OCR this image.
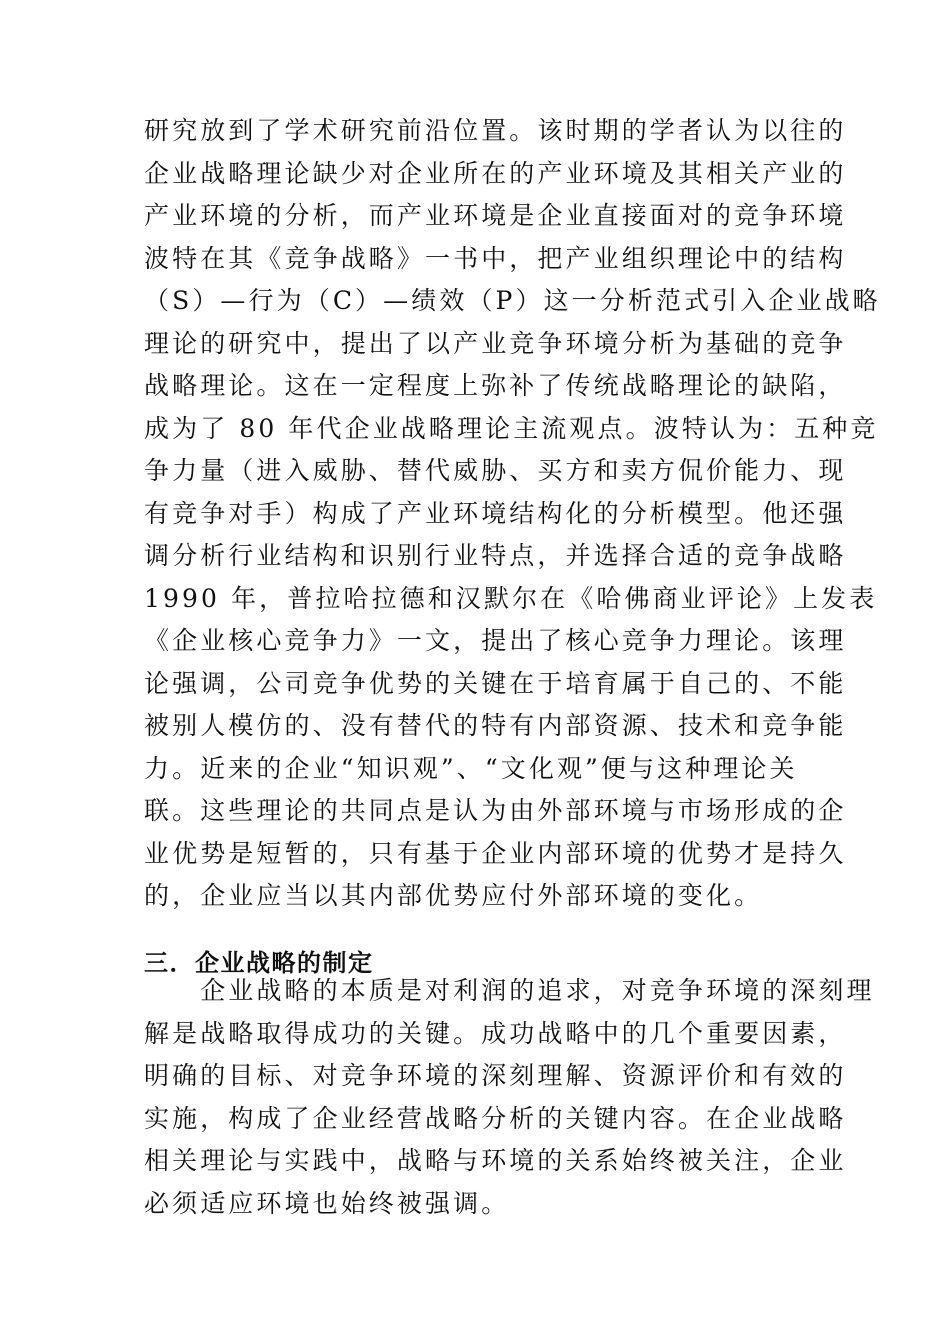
研究放到了学术研究前沿位置。该时期的学者认为以往的
企业战略理论缺少对企业所在的产业环境及其相关产业的
产业环境的分析，而产业环境是企业直接面对的竞争环境
波特在其《竞争战略》一书中，把产业组织理论中的结构
（S）—行为（C）—绩效（P）这一分析范式引入企业战略
理论的研究中，提出了以产业竞争环境分析为基础的竞争
战略理论。这在一定程度上弥补了传统战略理论的缺陷，
成为了 80 年代企业战略理论主流观点。波特认为：五种竞
争力量（进入威胁、替代威胁、买方和卖方侃价能力、现
有竞争对手）构成了产业环境结构化的分析模型。他还强
调分析行业结构和识别行业特点，并选择合适的竞争战略
1990 年，普拉哈拉德和汉默尔在《哈佛商业评论》上发表
《企业核心竞争力》一文，提出了核心竞争力理论。该理
论强调，公司竞争优势的关键在于培育属于自己的、不能
被别人模仿的、没有替代的特有内部资源、技术和竞争能
力。近来的企业“知识观”、“文化观”便与这种理论关
联。这些理论的共同点是认为由外部环境与市场形成的企
业优势是短暂的，只有基于企业内部环境的优势才是持久
的，企业应当以其内部优势应付外部环境的变化。
三．企业战略的制定
　　企业战略的本质是对利润的追求，对竞争环境的深刻理
解是战略取得成功的关键。成功战略中的几个重要因素，
明确的目标、对竞争环境的深刻理解、资源评价和有效的
实施，构成了企业经营战略分析的关键内容。在企业战略
相关理论与实践中，战略与环境的关系始终被关注，企业
必须适应环境也始终被强调。
